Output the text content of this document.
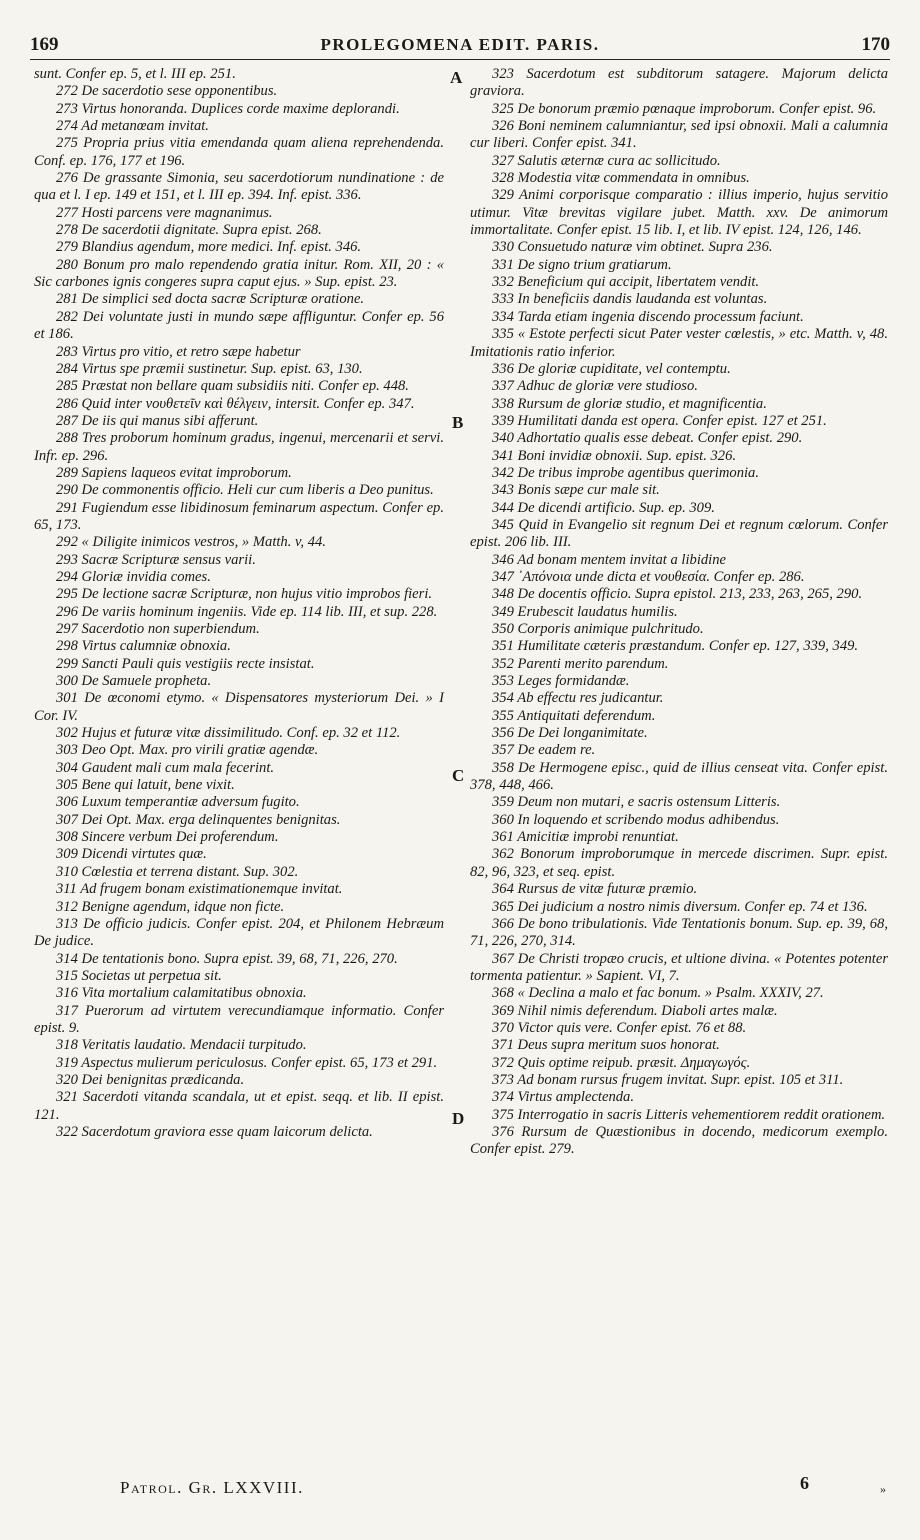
169	PROLEGOMENA EDIT. PARIS.	170

sunt. Confer ep. 5, et l. III ep. 251.

272 De sacerdotio sese opponentibus.

273 Virtus honoranda. Duplices corde maxime deplorandi.

274 Ad metanœam invitat.

275 Propria prius vitia emendanda quam aliena reprehendenda. Conf. ep. 176, 177 et 196.

276 De grassante Simonia, seu sacerdotiorum nundinatione : de qua et l. I ep. 149 et 151, et l. III ep. 394. Inf. epist. 336.

277 Hosti parcens vere magnanimus.

278 De sacerdotii dignitate. Supra epist. 268.

279 Blandius agendum, more medici. Inf. epist. 346.

280 Bonum pro malo rependendo gratia initur. Rom. XII, 20 : « Sic carbones ignis congeres supra caput ejus. » Sup. epist. 23.

281 De simplici sed docta sacræ Scripturæ oratione.

282 Dei voluntate justi in mundo sæpe affliguntur. Confer ep. 56 et 186.

283 Virtus pro vitio, et retro sæpe habetur

284 Virtus spe præmii sustinetur. Sup. epist. 63, 130.

285 Præstat non bellare quam subsidiis niti. Confer ep. 448.

286 Quid inter νουθετεῖν καὶ θέλγειν, intersit. Confer ep. 347.

287 De iis qui manus sibi afferunt.

288 Tres proborum hominum gradus, ingenui, mercenarii et servi. Infr. ep. 296.

289 Sapiens laqueos evitat improborum.

290 De commonentis officio. Heli cur cum liberis a Deo punitus.

291 Fugiendum esse libidinosum feminarum aspectum. Confer ep. 65, 173.

292 « Diligite inimicos vestros, » Matth. v, 44.

293 Sacræ Scripturæ sensus varii.

294 Gloriæ invidia comes.

295 De lectione sacræ Scripturæ, non hujus vitio improbos fieri.

296 De variis hominum ingeniis. Vide ep. 114 lib. III, et sup. 228.

297 Sacerdotio non superbiendum.

298 Virtus calumniæ obnoxia.

299 Sancti Pauli quis vestigiis recte insistat.

300 De Samuele propheta.

301 De œconomi etymo. « Dispensatores mysteriorum Dei. » I Cor. IV.

302 Hujus et futuræ vitæ dissimilitudo. Conf. ep. 32 et 112.

303 Deo Opt. Max. pro virili gratiæ agendæ.

304 Gaudent mali cum mala fecerint.

305 Bene qui latuit, bene vixit.

306 Luxum temperantiæ adversum fugito.

307 Dei Opt. Max. erga delinquentes benignitas.

308 Sincere verbum Dei proferendum.

309 Dicendi virtutes quæ.

310 Cœlestia et terrena distant. Sup. 302.

311 Ad frugem bonam existimationemque invitat.

312 Benigne agendum, idque non ficte.

313 De officio judicis. Confer epist. 204, et Philonem Hebræum De judice.

314 De tentationis bono. Supra epist. 39, 68, 71, 226, 270.

315 Societas ut perpetua sit.

316 Vita mortalium calamitatibus obnoxia.

317 Puerorum ad virtutem verecundiamque informatio. Confer epist. 9.

318 Veritatis laudatio. Mendacii turpitudo.

319 Aspectus mulierum periculosus. Confer epist. 65, 173 et 291.

320 Dei benignitas prædicanda.

321 Sacerdoti vitanda scandala, ut et epist. seqq. et lib. II epist. 121.

322 Sacerdotum graviora esse quam laicorum delicta.

323 Sacerdotum est subditorum satagere. Majorum delicta graviora.

325 De bonorum præmio pœnaque improborum. Confer epist. 96.

326 Boni neminem calumniantur, sed ipsi obnoxii. Mali a calumnia cur liberi. Confer epist. 341.

327 Salutis æternæ cura ac sollicitudo.

328 Modestia vitæ commendata in omnibus.

329 Animi corporisque comparatio : illius imperio, hujus servitio utimur. Vitæ brevitas vigilare jubet. Matth. xxv. De animorum immortalitate. Confer epist. 15 lib. I, et lib. IV epist. 124, 126, 146.

330 Consuetudo naturæ vim obtinet. Supra 236.

331 De signo trium gratiarum.

332 Beneficium qui accipit, libertatem vendit.

333 In beneficiis dandis laudanda est voluntas.

334 Tarda etiam ingenia discendo processum faciunt.

335 « Estote perfecti sicut Pater vester cœlestis, » etc. Matth. v, 48. Imitationis ratio inferior.

336 De gloriæ cupiditate, vel contemptu.

337 Adhuc de gloriæ vere studioso.

338 Rursum de gloriæ studio, et magnificentia.

339 Humilitati danda est opera. Confer epist. 127 et 251.

340 Adhortatio qualis esse debeat. Confer epist. 290.

341 Boni invidiæ obnoxii. Sup. epist. 326.

342 De tribus improbe agentibus querimonia.

343 Bonis sæpe cur male sit.

344 De dicendi artificio. Sup. ep. 309.

345 Quid in Evangelio sit regnum Dei et regnum cœlorum. Confer epist. 206 lib. III.

346 Ad bonam mentem invitat a libidine

347 ᾿Απόνοια unde dicta et νουθεσία. Confer ep. 286.

348 De docentis officio. Supra epistol. 213, 233, 263, 265, 290.

349 Erubescit laudatus humilis.

350 Corporis animique pulchritudo.

351 Humilitate cæteris præstandum. Confer ep. 127, 339, 349.

352 Parenti merito parendum.

353 Leges formidandæ.

354 Ab effectu res judicantur.

355 Antiquitati deferendum.

356 De Dei longanimitate.

357 De eadem re.

358 De Hermogene episc., quid de illius censeat vita. Confer epist. 378, 448, 466.

359 Deum non mutari, e sacris ostensum Litteris.

360 In loquendo et scribendo modus adhibendus.

361 Amicitiæ improbi renuntiat.

362 Bonorum improborumque in mercede discrimen. Supr. epist. 82, 96, 323, et seq. epist.

364 Rursus de vitæ futuræ præmio.

365 Dei judicium a nostro nimis diversum. Confer ep. 74 et 136.

366 De bono tribulationis. Vide Tentationis bonum. Sup. ep. 39, 68, 71, 226, 270, 314.

367 De Christi tropæo crucis, et ultione divina. « Potentes potenter tormenta patientur. » Sapient. VI, 7.

368 « Declina a malo et fac bonum. » Psalm. XXXIV, 27.

369 Nihil nimis deferendum. Diaboli artes malæ.

370 Victor quis vere. Confer epist. 76 et 88.

371 Deus supra meritum suos honorat.

372 Quis optime reipub. præsit. Δημαγωγός.

373 Ad bonam rursus frugem invitat. Supr. epist. 105 et 311.

374 Virtus amplectenda.

375 Interrogatio in sacris Litteris vehementiorem reddit orationem.

376 Rursum de Quæstionibus in docendo, medicorum exemplo. Confer epist. 279.

A
B
C
D
Patrol. Gr. LXXVIII.	6	»
